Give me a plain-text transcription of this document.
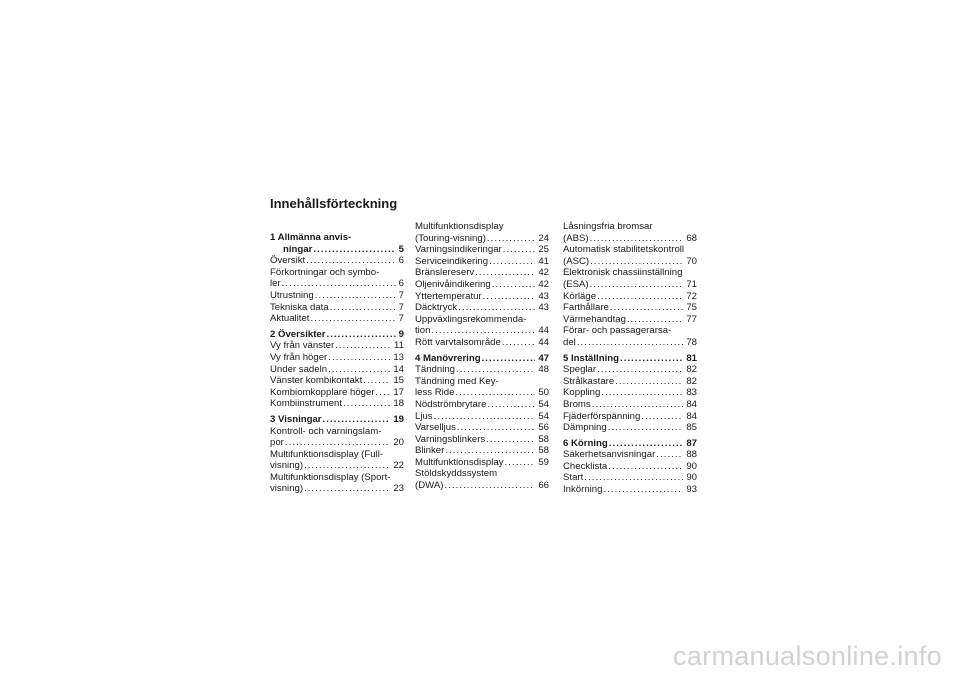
Innehållsförteckning
1 Allmänna anvis-
ningar . . .	5
Översikt . . .	6
Förkortningar och symbo-
ler . . .	6
Utrustning . . .	7
Tekniska data . . .	7
Aktualitet . . .	7
2 Översikter . . .	9
Vy från vänster . . .	11
Vy från höger . . .	13
Under sadeln . . .	14
Vänster kombikontakt . . .	15
Kombiomkopplare höger . . . 17
Kombiinstrument . . .	18
3 Visningar . . .	19
Kontroll- och varningslam-
por . . .	20
Multifunktionsdisplay (Full-
visning) . . .	22
Multifunktionsdisplay (Sport-
visning) . . .	23
Multifunktionsdisplay
(Touring-visning) . . .	24
Varningsindikeringar . . .	25
Serviceindikering . . .	41
Bränslereserv . . .	42
Oljenivåindikering . . .	42
Yttertemperatur . . .	43
Däcktryck . . .	43
Uppväxlingsrekommenda-
tion . . .	44
Rött varvtalsområde . . .	44
4 Manövrering . . .	47
Tändning . . .	48
Tändning med Key-
less Ride . . .	50
Nödströmbrytare . . .	54
Ljus . . .	54
Varselljus . . .	56
Varningsblinkers . . .	58
Blinker . . .	58
Multifunktionsdisplay . . .	59
Stöldskyddssystem
(DWA) . . .	66
Låsningsfria bromsar
(ABS) . . .	68
Automatisk stabilitetskontroll
(ASC) . . .	70
Elektronisk chassiinställning
(ESA) . . .	71
Körläge . . .	72
Farthållare . . .	75
Värmehandtag . . .	77
Förar- och passagerarsa-
del . . .	78
5 Inställning . . .	81
Speglar . . .	82
Strålkastare . . .	82
Koppling . . .	83
Broms . . .	84
Fjäderförspänning . . .	84
Dämpning . . .	85
6 Körning . . .	87
Säkerhetsanvisningar . . .	88
Checklista . . .	90
Start . . .	90
Inkörning . . .	93
carmanualsonline.info
